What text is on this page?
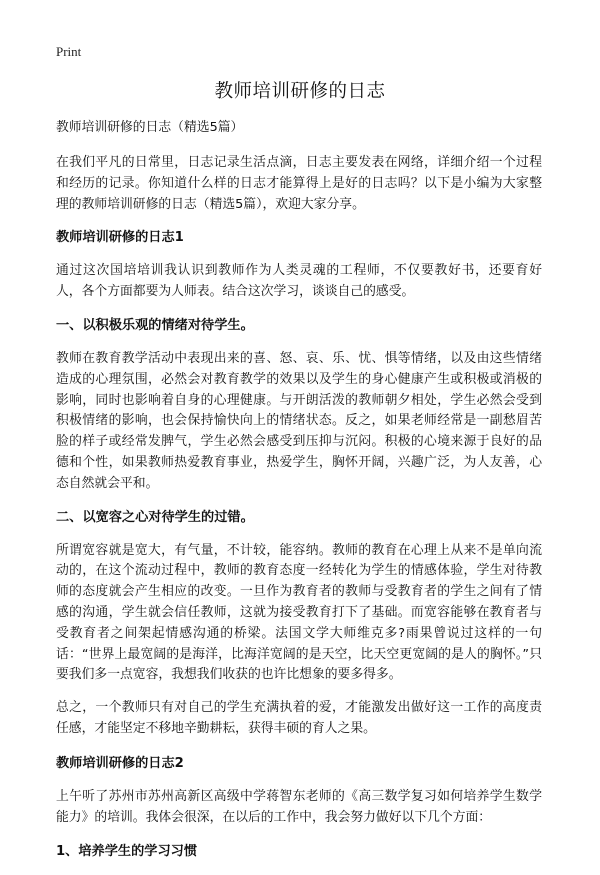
Print
教师培训研修的日志

教师培训研修的日志（精选5篇）

在我们平凡的日常里，日志记录生活点滴，日志主要发表在网络，详细介绍一个过程和经历的记录。你知道什么样的日志才能算得上是好的日志吗？以下是小编为大家整理的教师培训研修的日志（精选5篇），欢迎大家分享。

教师培训研修的日志1

通过这次国培培训我认识到教师作为人类灵魂的工程师，不仅要教好书，还要育好人，各个方面都要为人师表。结合这次学习，谈谈自己的感受。

一、以积极乐观的情绪对待学生。

教师在教育教学活动中表现出来的喜、怒、哀、乐、忧、惧等情绪，以及由这些情绪造成的心理氛围，必然会对教育教学的效果以及学生的身心健康产生或积极或消极的影响，同时也影响着自身的心理健康。与开朗活泼的教师朝夕相处，学生必然会受到积极情绪的影响，也会保持愉快向上的情绪状态。反之，如果老师经常是一副愁眉苦脸的样子或经常发脾气，学生必然会感受到压抑与沉闷。积极的心境来源于良好的品德和个性，如果教师热爱教育事业，热爱学生，胸怀开阔，兴趣广泛，为人友善，心态自然就会平和。

二、以宽容之心对待学生的过错。

所谓宽容就是宽大，有气量，不计较，能容纳。教师的教育在心理上从来不是单向流动的，在这个流动过程中，教师的教育态度一经转化为学生的情感体验，学生对待教师的态度就会产生相应的改变。一旦作为教育者的教师与受教育者的学生之间有了情感的沟通，学生就会信任教师，这就为接受教育打下了基础。而宽容能够在教育者与受教育者之间架起情感沟通的桥梁。法国文学大师维克多?雨果曾说过这样的一句话：“世界上最宽阔的是海洋，比海洋宽阔的是天空，比天空更宽阔的是人的胸怀。”只要我们多一点宽容，我想我们收获的也许比想象的要多得多。

总之，一个教师只有对自己的学生充满执着的爱，才能激发出做好这一工作的高度责任感，才能坚定不移地辛勤耕耘，获得丰硕的育人之果。

教师培训研修的日志2

上午听了苏州市苏州高新区高级中学蒋智东老师的《高三数学复习如何培养学生数学能力》的培训。我体会很深，在以后的工作中，我会努力做好以下几个方面：

1、培养学生的学习习惯
